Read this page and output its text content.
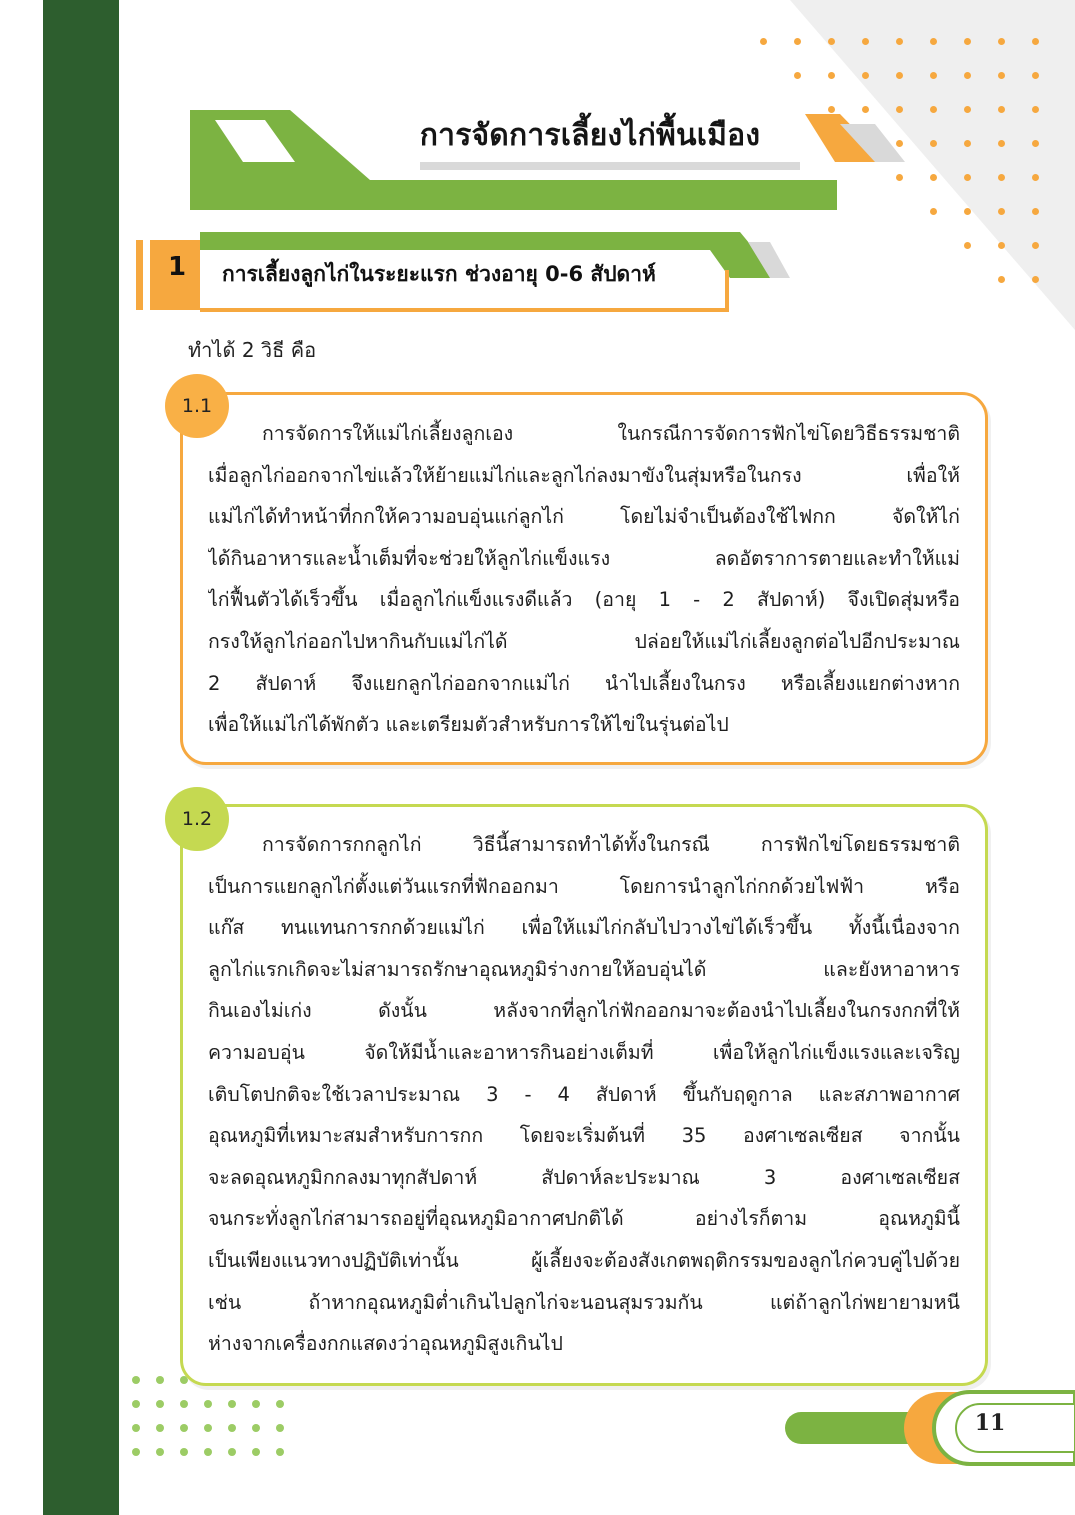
การจัดการเลี้ยงไก่พื้นเมือง
1	การเลี้ยงลูกไก่ในระยะแรก ช่วงอายุ 0-6 สัปดาห์
ทำได้ 2 วิธี คือ
1.1

การจัดการให้แม่ไก่เลี้ยงลูกเอง ในกรณีการจัดการฟักไข่โดยวิธีธรรมชาติ
เมื่อลูกไก่ออกจากไข่แล้วให้ย้ายแม่ไก่และลูกไก่ลงมาขังในสุ่มหรือในกรง เพื่อให้
แม่ไก่ได้ทำหน้าที่กกให้ความอบอุ่นแก่ลูกไก่ โดยไม่จำเป็นต้องใช้ไฟกก จัดให้ไก่
ได้กินอาหารและน้ำเต็มที่จะช่วยให้ลูกไก่แข็งแรง ลดอัตราการตายและทำให้แม่
ไก่ฟื้นตัวได้เร็วขึ้น เมื่อลูกไก่แข็งแรงดีแล้ว (อายุ 1 - 2 สัปดาห์) จึงเปิดสุ่มหรือ
กรงให้ลูกไก่ออกไปหากินกับแม่ไก่ได้ ปล่อยให้แม่ไก่เลี้ยงลูกต่อไปอีกประมาณ
2 สัปดาห์ จึงแยกลูกไก่ออกจากแม่ไก่ นำไปเลี้ยงในกรง หรือเลี้ยงแยกต่างหาก
เพื่อให้แม่ไก่ได้พักตัว และเตรียมตัวสำหรับการให้ไข่ในรุ่นต่อไป

1.2

การจัดการกกลูกไก่ วิธีนี้สามารถทำได้ทั้งในกรณี การฟักไข่โดยธรรมชาติ
เป็นการแยกลูกไก่ตั้งแต่วันแรกที่ฟักออกมา โดยการนำลูกไก่กกด้วยไฟฟ้า หรือ
แก๊ส ทนแทนการกกด้วยแม่ไก่ เพื่อให้แม่ไก่กลับไปวางไข่ได้เร็วขึ้น ทั้งนี้เนื่องจาก
ลูกไก่แรกเกิดจะไม่สามารถรักษาอุณหภูมิร่างกายให้อบอุ่นได้ และยังหาอาหาร
กินเองไม่เก่ง ดังนั้น หลังจากที่ลูกไก่ฟักออกมาจะต้องนำไปเลี้ยงในกรงกกที่ให้
ความอบอุ่น จัดให้มีน้ำและอาหารกินอย่างเต็มที่ เพื่อให้ลูกไก่แข็งแรงและเจริญ
เติบโตปกติจะใช้เวลาประมาณ 3 - 4 สัปดาห์ ขึ้นกับฤดูกาล และสภาพอากาศ
อุณหภูมิที่เหมาะสมสำหรับการกก โดยจะเริ่มต้นที่ 35 องศาเซลเซียส จากนั้น
จะลดอุณหภูมิกกลงมาทุกสัปดาห์ สัปดาห์ละประมาณ 3 องศาเซลเซียส
จนกระทั่งลูกไก่สามารถอยู่ที่อุณหภูมิอากาศปกติได้ อย่างไรก็ตาม อุณหภูมินี้
เป็นเพียงแนวทางปฏิบัติเท่านั้น ผู้เลี้ยงจะต้องสังเกตพฤติกรรมของลูกไก่ควบคู่ไปด้วย
เช่น ถ้าหากอุณหภูมิต่ำเกินไปลูกไก่จะนอนสุมรวมกัน แต่ถ้าลูกไก่พยายามหนี
ห่างจากเครื่องกกแสดงว่าอุณหภูมิสูงเกินไป

11
